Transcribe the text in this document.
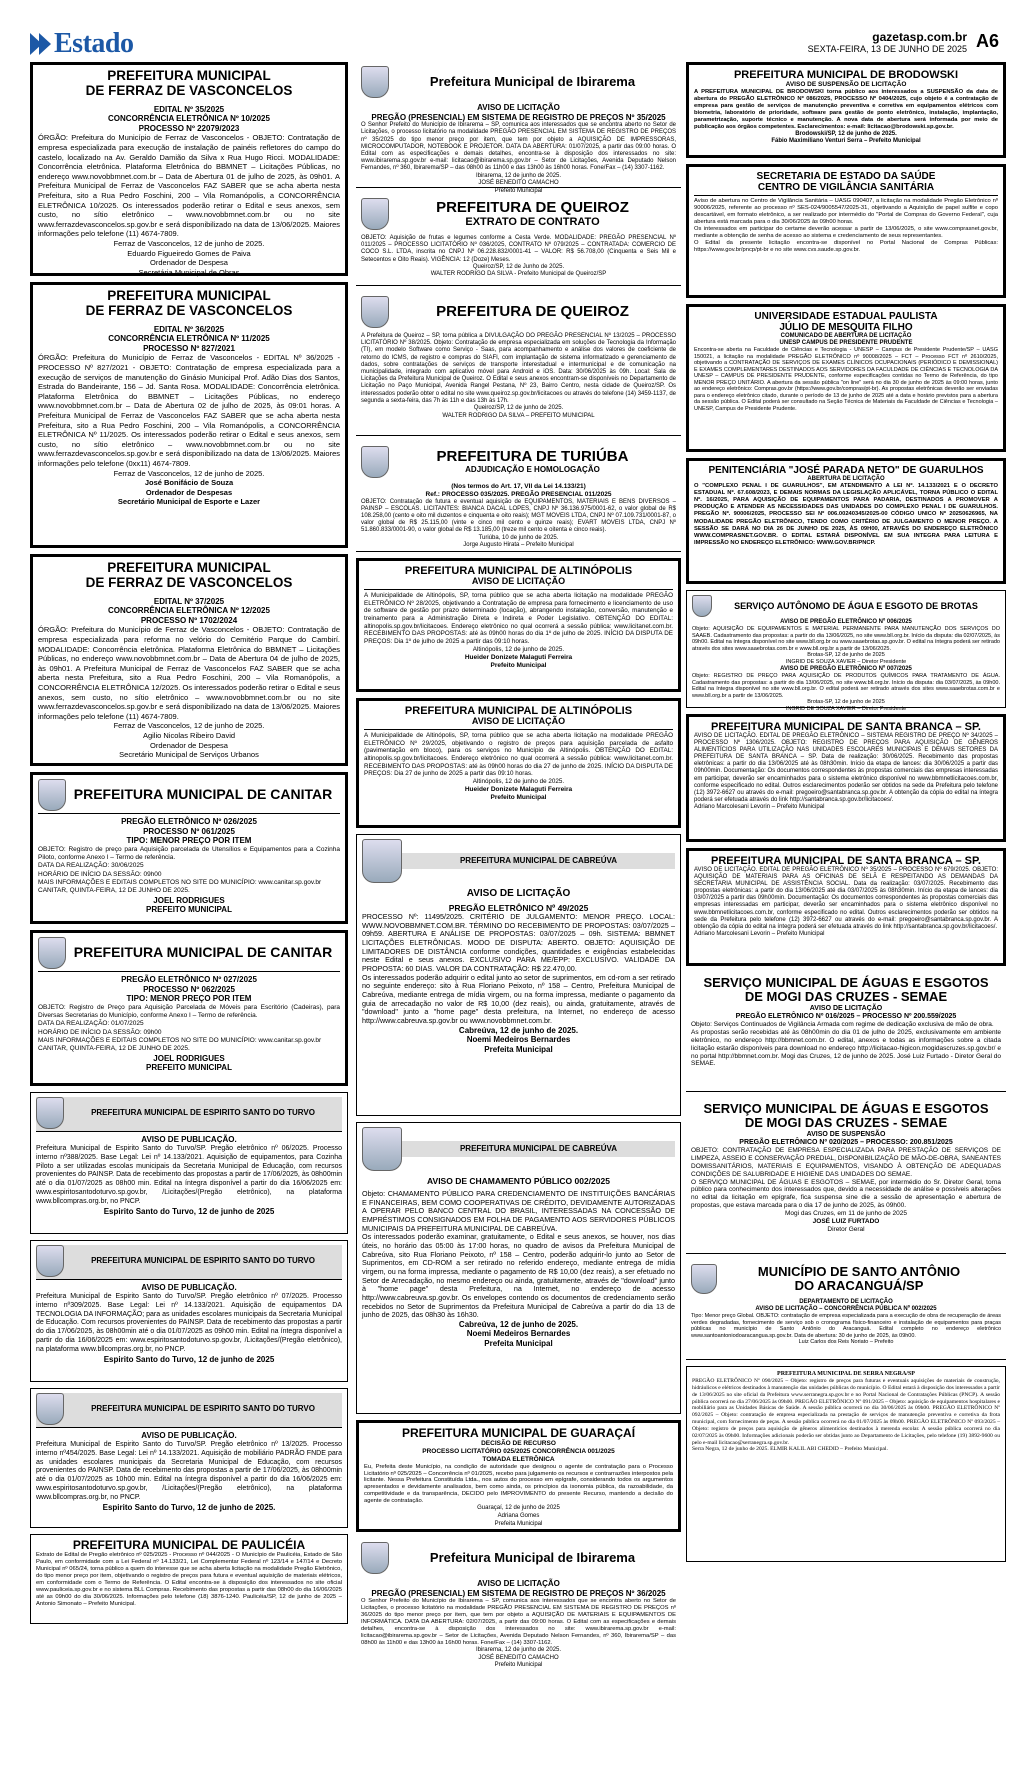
Estado	gazetasp.com.br
SEXTA-FEIRA, 13 DE JUNHO DE 2025 A6
PREFEITURA MUNICIPAL
DE FERRAZ DE VASCONCELOS
EDITAL Nº 35/2025
CONCORRÊNCIA ELETRÔNICA Nº 10/2025
PROCESSO Nº 22079/2023
ÓRGÃO: Prefeitura do Município de Ferraz de Vasconcelos - OBJETO: Contratação de empresa especializada para execução de instalação de painéis refletores do campo do castelo, localizado na Av. Geraldo Damião da Silva x Rua Hugo Ricci. MODALIDADE: Concorrência eletrônica. Plataforma Eletrônica do BBMNET – Licitações Públicas, no endereço www.novobbmnet.com.br – Data de Abertura 01 de julho de 2025, às 09h01. A Prefeitura Municipal de Ferraz de Vasconcelos FAZ SABER que se acha aberta nesta Prefeitura, sito a Rua Pedro Foschini, 200 – Vila Romanópolis, a CONCORRÊNCIA ELETRÔNICA 10/2025. Os interessados poderão retirar o Edital e seus anexos, sem custo, no sítio eletrônico – www.novobbmnet.com.br ou no site www.ferrazdevasconcelos.sp.gov.br e será disponibilizado na data de 13/06/2025. Maiores informações pelo telefone (11) 4674-7809.
Ferraz de Vasconcelos, 12 de junho de 2025.
Eduardo Figueiredo Gomes de Paiva
Ordenador de Despesa
Secretária Municipal de Obras
PREFEITURA MUNICIPAL
DE FERRAZ DE VASCONCELOS
EDITAL Nº 36/2025
CONCORRÊNCIA ELETRÔNICA Nº 11/2025
PROCESSO Nº 827/2021
ÓRGÃO: Prefeitura do Município de Ferraz de Vasconcelos - EDITAL Nº 36/2025 - PROCESSO Nº 827/2021 - OBJETO: Contratação de empresa especializada para a execução de serviços de manutenção do Ginásio Municipal Prof. Adão Dias dos Santos, Estrada do Bandeirante, 156 – Jd. Santa Rosa. MODALIDADE: Concorrência eletrônica. Plataforma Eletrônica do BBMNET – Licitações Públicas, no endereço www.novobbmnet.com.br – Data de Abertura 02 de julho de 2025, às 09:01 horas. A Prefeitura Municipal de Ferraz de Vasconcelos FAZ SABER que se acha aberta nesta Prefeitura, sito a Rua Pedro Foschini, 200 – Vila Romanópolis, a CONCORRÊNCIA ELETRÔNICA Nº 11/2025. Os interessados poderão retirar o Edital e seus anexos, sem custo, no sítio eletrônico – www.novobbmnet.com.br ou no site www.ferrazdevasconcelos.sp.gov.br e será disponibilizado na data de 13/06/2025. Maiores informações pelo telefone (0xx11) 4674-7809.
Ferraz de Vasconcelos, 12 de junho de 2025.
José Bonifácio de Souza
Ordenador de Despesas
Secretário Municipal de Esporte e Lazer
PREFEITURA MUNICIPAL
DE FERRAZ DE VASCONCELOS
EDITAL Nº 37/2025
CONCORRÊNCIA ELETRÔNICA Nº 12/2025
PROCESSO Nº 1702/2024
ÓRGÃO: Prefeitura do Município de Ferraz de Vasconcelos - OBJETO: Contratação de empresa especializada para reforma no velório do Cemitério Parque do Cambirí. MODALIDADE: Concorrência eletrônica. Plataforma Eletrônica do BBMNET – Licitações Públicas, no endereço www.novobbmnet.com.br – Data de Abertura 04 de julho de 2025, às 09h01. A Prefeitura Municipal de Ferraz de Vasconcelos FAZ SABER que se acha aberta nesta Prefeitura, sito a Rua Pedro Foschini, 200 – Vila Romanópolis, a CONCORRÊNCIA ELETRÔNICA 12/2025. Os interessados poderão retirar o Edital e seus anexos, sem custo, no sítio eletrônico – www.novobbmnet.com.br ou no site www.ferrazdevasconcelos.sp.gov.br e será disponibilizado na data de 13/06/2025. Maiores informações pelo telefone (11) 4674-7809.
Ferraz de Vasconcelos, 12 de junho de 2025.
Agilio Nicolas Ribeiro David
Ordenador de Despesa
Secretário Municipal de Serviços Urbanos
PREFEITURA MUNICIPAL DE CANITAR
PREGÃO ELETRÔNICO Nº 026/2025
PROCESSO Nº 061/2025
TIPO: MENOR PREÇO POR ITEM
OBJETO: Registro de preço para Aquisição parcelada de Utensílios e Equipamentos para a Cozinha Piloto, conforme Anexo I – Termo de referência.
DATA DA REALIZAÇÃO: 30/06/2025
HORÁRIO DE INÍCIO DA SESSÃO: 09h00
MAIS INFORMAÇÕES E EDITAIS COMPLETOS NO SITE DO MUNICÍPIO: www.canitar.sp.gov.br
CANITAR, QUINTA-FEIRA, 12 DE JUNHO DE 2025.
JOEL RODRIGUES
PREFEITO MUNICIPAL
PREFEITURA MUNICIPAL DE CANITAR
PREGÃO ELETRÔNICO Nº 027/2025
PROCESSO Nº 062/2025
TIPO: MENOR PREÇO POR ITEM
OBJETO: Registro de Preço para Aquisição Parcelada de Móveis para Escritório (Cadeiras), para Diversas Secretarias do Município, conforme Anexo I – Termo de referência.
DATA DA REALIZAÇÃO: 01/07/2025
HORÁRIO DE INÍCIO DA SESSÃO: 09h00
MAIS INFORMAÇÕES E EDITAIS COMPLETOS NO SITE DO MUNICÍPIO: www.canitar.sp.gov.br
CANITAR, QUINTA-FEIRA, 12 DE JUNHO DE 2025.
JOEL RODRIGUES
PREFEITO MUNICIPAL
PREFEITURA MUNICIPAL DE ESPIRITO SANTO DO TURVO
AVISO DE PUBLICAÇÃO.
Prefeitura Municipal de Espirito Santo do Turvo/SP. Pregão eletrônico nº 06/2025. Processo interno nº388/2025. Base Legal: Lei nº 14.133/2021. Aquisição de equipamentos, para Cozinha Piloto a ser utilizadas escolas municipais da Secretaria Municipal de Educação, com recursos provenientes do PAINSP. Data de recebimento das propostas a partir de 17/06/2025, às 08h00min até o dia 01/07/2025 as 08h00 min. Edital na íntegra disponível a partir do dia 16/06/2025 em: www.espiritosantodoturvo.sp.gov.br, /Licitações/(Pregão eletrônico), na plataforma www.bllcompras.org.br, no PNCP.
Espirito Santo do Turvo, 12 de junho de 2025
PREFEITURA MUNICIPAL DE ESPIRITO SANTO DO TURVO
AVISO DE PUBLICAÇÃO.
Prefeitura Municipal de Espirito Santo do Turvo/SP. Pregão eletrônico nº 07/2025. Processo interno nº309/2025. Base Legal: Lei nº 14.133/2021. Aquisição de equipamentos DA TECNOLOGIA DA INFORMAÇÃO; para as unidades escolares municipais da Secretaria Municipal de Educação. Com recursos provenientes do PAINSP. Data de recebimento das propostas a partir do dia 17/06/2025, às 08h00min até o dia 01/07/2025 as 09h00 min. Edital na íntegra disponível a partir do dia 16/06/2025 em: www.espiritosantodoturvo.sp.gov.br, /Licitações/(Pregão eletrônico), na plataforma www.bllcompras.org.br, no PNCP.
Espirito Santo do Turvo, 12 de junho de 2025
PREFEITURA MUNICIPAL DE ESPIRITO SANTO DO TURVO
AVISO DE PUBLICAÇÃO.
Prefeitura Municipal de Espirito Santo do Turvo/SP. Pregão eletrônico nº 13/2025. Processo interno nº454/2025. Base Legal: Lei nº 14.133/2021. Aquisição de mobiliário PADRÃO FNDE para as unidades escolares municipais da Secretaria Municipal de Educação, com recursos provenientes do PAINSP. Data de recebimento das propostas a partir de 17/06/2025, às 08h00min até o dia 01/07/2025 as 10h00 min. Edital na íntegra disponível a partir do dia 16/06/2025 em: www.espiritosantodoturvo.sp.gov.br, /Licitações/(Pregão eletrônico), na plataforma www.bllcompras.org.br, no PNCP.
Espirito Santo do Turvo, 12 de junho de 2025.
PREFEITURA MUNICIPAL DE PAULICÉIA
Extrato de Edital de Pregão eletrônico nº 025/2025 - Processo nº 044/2025 - O Município de Paulicéia, Estado de São Paulo, em conformidade com a Lei Federal nº 14.133/21, Lei Complementar Federal nº 123/14 e 147/14 e Decreto Municipal nº 065/24, torna público a quem do interesse que se acha aberta licitação na modalidade Pregão Eletrônico, do tipo menor preço por item, objetivando o registro de preços para futura e eventual aquisição de materiais elétricos, em conformidade com o Termo de Referência. O Edital encontra-se à disposição dos interessados no site oficial www.pauliceia.sp.gov.br e no sistema BLL Compras. Recebimento das propostas a partir das 08h00 do dia 16/06/2025 até as 09h00 do dia 30/06/2025. Informações pelo telefone (18) 3876-1240. Paulicéia/SP, 12 de junho de 2025 – Antonio Simonato – Prefeito Municipal.
Prefeitura Municipal de Ibirarema
AVISO DE LICITAÇÃO
PREGÃO (PRESENCIAL) EM SISTEMA DE REGISTRO DE PREÇOS Nº 35/2025
O Senhor Prefeito do Município de Ibirarema – SP, comunica aos interessados que se encontra aberto no Setor de Licitações, o processo licitatório na modalidade PREGÃO PRESENCIAL EM SISTEMA DE REGISTRO DE PREÇOS nº 35/2025 do tipo menor preço por item, que tem por objeto a AQUISIÇÃO DE IMPRESSORAS, MICROCOMPUTADOR, NOTEBOOK E PROJETOR. DATA DA ABERTURA: 01/07/2025, a partir das 09:00 horas. O Edital com as especificações e demais detalhes, encontra-se à disposição dos interessados no site: www.ibirarema.sp.gov.br e-mail: licitacao@ibirarema.sp.gov.br – Setor de Licitações, Avenida Deputado Nelson Fernandes, nº 360, Ibirarema/SP – das 08h00 às 11h00 e das 13h00 às 16h00 horas. Fone/Fax – (14) 3307-1162.
Ibirarema, 12 de junho de 2025.
JOSÉ BENEDITO CAMACHO
Prefeito Municipal
PREFEITURA DE QUEIROZ
EXTRATO DE CONTRATO
OBJETO: Aquisição de frutas e legumes conforme a Cesta Verde. MODALIDADE: PREGÃO PRESENCIAL Nº 011/2025 – PROCESSO LICITATÓRIO Nº 036/2025, CONTRATO Nº 079/2025 – CONTRATADA: COMERCIO DE COCO S.L. LTDA, inscrita no CNPJ Nº 06.228.832/0001-41 – VALOR: R$ 56.708,00 (Cinquenta e Seis Mil e Setecentos e Oito Reais). VIGÊNCIA: 12 (Doze) Meses.
Queiroz/SP, 12 de Junho de 2025.
WALTER RODRIGO DA SILVA - Prefeito Municipal de Queiroz/SP
PREFEITURA DE QUEIROZ
A Prefeitura de Queiroz – SP, torna pública a DIVULGAÇÃO DO PREGÃO PRESENCIAL Nº 13/2025 – PROCESSO LICITATÓRIO Nº 38/2025. Objeto: Contratação de empresa especializada em soluções de Tecnologia da Informação (TI), em modelo Software como Serviço - Saas, para acompanhamento e análise dos valores de coeficiente de retorno do ICMS, de registro e compras do SIAFI, com implantação de sistema informatizado e gerenciamento de dados, sobre contratações de serviços de transporte interestadual e intermunicipal e de comunicação na municipalidade, integrado com aplicativo móvel para Android e iOS. Data: 30/06/2025 às 09h. Local: Sala de Licitações da Prefeitura Municipal de Queiroz. O Edital e seus anexos encontram-se disponíveis no Departamento de Licitação no Paço Municipal, Avenida Rangel Pestana, Nº 23, Bairro Centro, nesta cidade de Queiroz/SP. Os interessados poderão obter o edital no site www.queiroz.sp.gov.br/licitacoes ou através do telefone (14) 3459-1137, de segunda a sexta-feira, das 7h às 11h e das 13h às 17h.
Queiroz/SP, 12 de junho de 2025.
WALTER RODRIGO DA SILVA – PREFEITO MUNICIPAL
PREFEITURA DE TURIÚBA
ADJUDICAÇÃO E HOMOLOGAÇÃO
(Nos termos do Art. 17, VII da Lei 14.133/21)
Ref.: PROCESSO 035/2025. PREGÃO PRESENCIAL 011/2025
OBJETO: Contratação de futura e eventual aquisição de EQUIPAMENTOS, MATERIAIS E BENS DIVERSOS – PAINSP – ESCOLAS. LICITANTES: BIANCA DACAL LOPES, CNPJ Nº 36.136.975/0001-62, o valor global de R$ 108.258,00 (cento e oito mil duzentos e cinquenta e oito reais); MGT MOVEIS LTDA, CNPJ Nº 07.109.731/0001-87, o valor global de R$ 25.115,00 (vinte e cinco mil cento e quinze reais); EVART MOVEIS LTDA, CNPJ Nº 51.860.833/0001-90, o valor global de R$ 13.185,00 (treze mil cento e oitenta e cinco reais).
Turiúba, 10 de junho de 2025.
Jorge Augusto Hirata – Prefeito Municipal
PREFEITURA MUNICIPAL DE ALTINÓPOLIS
AVISO DE LICITAÇÃO
A Municipalidade de Altinópolis, SP, torna público que se acha aberta licitação na modalidade PREGÃO ELETRÔNICO Nº 28/2025, objetivando a Contratação de empresa para fornecimento e licenciamento de uso de software de gestão por prazo determinado (locação), abrangendo instalação, conversão, manutenção e treinamento para a Administração Direta e Indireta e Poder Legislativo. OBTENÇÃO DO EDITAL: altinopolis.sp.gov.br/licitacoes. Endereço eletrônico no qual ocorrerá a sessão pública: www.licitanet.com.br. RECEBIMENTO DAS PROPOSTAS: até às 09h00 horas do dia 1º de julho de 2025. INÍCIO DA DISPUTA DE PREÇOS: Dia 1º de julho de 2025 a partir das 09:10 horas.
Altinópolis, 12 de junho de 2025.
Hueider Donizete Malaguti Ferreira
Prefeito Municipal
PREFEITURA MUNICIPAL DE ALTINÓPOLIS
AVISO DE LICITAÇÃO
A Municipalidade de Altinópolis, SP, torna público que se acha aberta licitação na modalidade PREGÃO ELETRÔNICO Nº 29/2025, objetivando o registro de preços para aquisição parcelada de asfalto (pavimentação em bloco), para os serviços no Município de Altinópolis. OBTENÇÃO DO EDITAL: altinopolis.sp.gov.br/licitacoes. Endereço eletrônico no qual ocorrerá a sessão pública: www.licitanet.com.br. RECEBIMENTO DAS PROPOSTAS: até às 09h00 horas do dia 27 de junho de 2025. INÍCIO DA DISPUTA DE PREÇOS: Dia 27 de junho de 2025 a partir das 09:10 horas.
Altinópolis, 12 de junho de 2025.
Hueider Donizete Malaguti Ferreira
Prefeito Municipal
PREFEITURA MUNICIPAL DE CABREÚVA
AVISO DE LICITAÇÃO
PREGÃO ELETRÔNICO Nº 49/2025
PROCESSO Nº: 11495/2025. CRITÉRIO DE JULGAMENTO: MENOR PREÇO. LOCAL: WWW.NOVOBBMNET.COM.BR. TÉRMINO DO RECEBIMENTO DE PROPOSTAS: 03/07/2025 – 09h59. ABERTURA E ANÁLISE DE PROPOSTAS: 03/07/2025 – 09h. SISTEMA: BBMNET LICITAÇÕES ELETRÔNICAS. MODO DE DISPUTA: ABERTO. OBJETO: AQUISIÇÃO DE LIMITADORES DE DISTÂNCIA conforme condições, quantidades e exigências estabelecidas neste Edital e seus anexos. EXCLUSIVO PARA ME/EPP: EXCLUSIVO. VALIDADE DA PROPOSTA: 60 DIAS. VALOR DA CONTRATAÇÃO: R$ 22.470,00.
Os interessados poderão adquirir o edital junto ao setor de suprimentos, em cd-rom a ser retirado no seguinte endereço: sito à Rua Floriano Peixoto, nº 158 – Centro, Prefeitura Municipal de Cabreúva, mediante entrega de mídia virgem, ou na forma impressa, mediante o pagamento da guia de arrecadação no valor de R$ 10,00 (dez reais), ou ainda, gratuitamente, através de "download" junto a "home page" desta prefeitura, na Internet, no endereço de acesso http://www.cabreuva.sp.gov.br ou www.novobbmnet.com.br.
Cabreúva, 12 de junho de 2025.
Noemi Medeiros Bernardes
Prefeita Municipal
PREFEITURA MUNICIPAL DE CABREÚVA
AVISO DE CHAMAMENTO PÚBLICO 002/2025
Objeto: CHAMAMENTO PÚBLICO PARA CREDENCIAMENTO DE INSTITUIÇÕES BANCÁRIAS E FINANCEIRAS, BEM COMO COOPERATIVAS DE CRÉDITO, DEVIDAMENTE AUTORIZADAS A OPERAR PELO BANCO CENTRAL DO BRASIL, INTERESSADAS NA CONCESSÃO DE EMPRÉSTIMOS CONSIGNADOS EM FOLHA DE PAGAMENTO AOS SERVIDORES PÚBLICOS MUNICIPAIS DA PREFEITURA MUNICIPAL DE CABREÚVA.
Os interessados poderão examinar, gratuitamente, o Edital e seus anexos, se houver, nos dias úteis, no horário das 05:00 às 17:00 horas, no quadro de avisos da Prefeitura Municipal de Cabreúva, sito Rua Floriano Peixoto, nº 158 – Centro, poderão adquirir-lo junto ao Setor de Suprimentos, em CD-ROM a ser retirado no referido endereço, mediante entrega de mídia virgem, ou na forma impressa, mediante o pagamento de R$ 10,00 (dez reais), a ser efetuado no Setor de Arrecadação, no mesmo endereço ou ainda, gratuitamente, através de "download" junto à "home page" desta Prefeitura, na Internet, no endereço de acesso http://www.cabreuva.sp.gov.br. Os envelopes contendo os documentos de credenciamento serão recebidos no Setor de Suprimentos da Prefeitura Municipal de Cabreúva a partir do dia 13 de junho de 2025, das 08h30 às 16h30.
Cabreúva, 12 de junho de 2025.
Noemi Medeiros Bernardes
Prefeita Municipal
PREFEITURA MUNICIPAL DE GUARAÇAÍ
DECISÃO DE RECURSO
PROCESSO LICITATÓRIO 025/2025 CONCORRÊNCIA 001/2025
TOMADA ELETRÔNICA
Eu, Prefeita deste Município, na condição de autoridade que designou o agente de contratação para o Processo Licitatório nº 025/2025 – Concorrência nº 01/2025, recebo para julgamento os recursos e contrarrazões interpostos pela licitante. Nessa Prefeitura Constituída Ltda., nos autos do processo em epígrafe, considerando todos os argumentos apresentados e devidamente analisados, bem como ainda, os princípios da isonomia pública, da razoabilidade, da competitividade e da transparência, DECIDO pelo IMPROVIMENTO do presente Recurso, mantendo a decisão do agente de contratação.
Guaraçaí, 12 de junho de 2025
Adriana Gomes
Prefeita Municipal
Prefeitura Municipal de Ibirarema
AVISO DE LICITAÇÃO
PREGÃO (PRESENCIAL) EM SISTEMA DE REGISTRO DE PREÇOS Nº 36/2025
O Senhor Prefeito do Município de Ibirarema – SP, comunica aos interessados que se encontra aberto no Setor de Licitações, o processo licitatório na modalidade PREGÃO PRESENCIAL EM SISTEMA DE REGISTRO DE PREÇOS nº 36/2025 do tipo menor preço por item, que tem por objeto a AQUISIÇÃO DE MATERIAIS E EQUIPAMENTOS DE INFORMÁTICA. DATA DA ABERTURA: 02/07/2025, a partir das 09:00 horas. O Edital com as especificações e demais detalhes, encontra-se à disposição dos interessados no site: www.ibirarema.sp.gov.br e-mail: licitacao@ibirarema.sp.gov.br – Setor de Licitações, Avenida Deputado Nelson Fernandes, nº 360, Ibirarema/SP – das 08h00 às 11h00 e das 13h00 às 16h00 horas. Fone/Fax – (14) 3307-1162.
Ibirarema, 12 de junho de 2025.
JOSÉ BENEDITO CAMACHO
Prefeito Municipal
PREFEITURA MUNICIPAL DE BRODOWSKI
AVISO DE SUSPENSÃO DE LICITAÇÃO
A PREFEITURA MUNICIPAL DE BRODOWSKI torna público aos interessados a SUSPENSÃO da data de abertura do PREGÃO ELETRÔNICO Nº 086/2025, PROCESSO Nº 0404/2025, cujo objeto é a contratação de empresa para gestão de serviços de manutenção preventiva e corretiva em equipamentos elétricos com biometria, laboratório de prioridade, software para gestão de ponto eletrônico, instalação, implantação, parametrização, suporte técnico e manutenção. A nova data de abertura será informada por meio de publicação aos órgãos competentes. Esclarecimentos: e-mail: licitacao@brodowski.sp.gov.br.
Brodowski/SP, 12 de junho de 2025.
Fábio Maximiliano Venturi Serra – Prefeito Municipal
SECRETARIA DE ESTADO DA SAÚDE
CENTRO DE VIGILÂNCIA SANITÁRIA
Aviso de abertura no Centro de Vigilância Sanitária – UASG 090407, a licitação na modalidade Pregão Eletrônico nº 90006/2025, referente ao processo nº SES-024/9005547/2025-31, objetivando a Aquisição de papel sulfite e copo descartável, em formato eletrônico, a ser realizado por intermédio do "Portal de Compras do Governo Federal", cuja abertura está marcada para o dia 30/06/2025 às 09h00 horas.
Os interessados em participar do certame deverão acessar a partir de 13/06/2025, o site www.comprasnet.gov.br, mediante a obtenção de senha de acesso ao sistema e credenciamento de seus representantes.
O Edital da presente licitação encontra-se disponível no Portal Nacional de Compras Públicas: https://www.gov.br/pncp/pt-br e no site www.cvs.saude.sp.gov.br.
UNIVERSIDADE ESTADUAL PAULISTA
JÚLIO DE MESQUITA FILHO
COMUNICADO DE ABERTURA DE LICITAÇÃO
UNESP CAMPUS DE PRESIDENTE PRUDENTE
Encontra-se aberta na Faculdade de Ciências e Tecnologia - UNESP – Campus de Presidente Prudente/SP – UASG 150021, a licitação na modalidade PREGÃO ELETRÔNICO nº 90008/2025 – FCT – Processo FCT nº 2610/2025, objetivando a CONTRATAÇÃO DE SERVIÇOS DE EXAMES CLÍNICOS OCUPACIONAIS (PERIÓDICO E DEMISSIONAL) E EXAMES COMPLEMENTARES DESTINADOS AOS SERVIDORES DA FACULDADE DE CIÊNCIAS E TECNOLOGIA DA UNESP – CAMPUS DE PRESIDENTE PRUDENTE, conforme especificações contidas no Termo de Referência, do tipo MENOR PREÇO UNITÁRIO. A abertura da sessão pública "on line" será no dia 30 de junho de 2025 às 09:00 horas, junto ao endereço eletrônico: Compras.gov.br (https://www.gov.br/compras/pt-br). As propostas eletrônicas deverão ser enviadas para o endereço eletrônico citado, durante o período de 13 de junho de 2025 até a data e horário previstos para a abertura da sessão pública. O Edital poderá ser consultado na Seção Técnica de Materiais da Faculdade de Ciências e Tecnologia – UNESP, Campus de Presidente Prudente.
PENITENCIÁRIA "JOSÉ PARADA NETO" DE GUARULHOS
ABERTURA DE LICITAÇÃO
O "COMPLEXO PENAL I DE GUARULHOS", EM ATENDIMENTO A LEI Nº. 14.133/2021 E O DECRETO ESTADUAL Nº. 67.608/2023, E DEMAIS NORMAS DA LEGISLAÇÃO APLICÁVEL, TORNA PÚBLICO O EDITAL Nº. 16/2025, PARA AQUISIÇÃO DE EQUIPAMENTOS PARA PADARIA, DESTINADOS A PROMOVER A PRODUÇÃO E ATENDER AS NECESSIDADES DAS UNIDADES DO COMPLEXO PENAL I DE GUARULHOS. PREGÃO Nº. 90006/2025, PROCESSO SEI Nº 006.00240345/2025-00 CÓDIGO UNICO Nº 20250626965, NA MODALIDADE PREGÃO ELETRÔNICO, TENDO COMO CRITÉRIO DE JULGAMENTO O MENOR PREÇO. A SESSÃO SE DARÁ NO DIA 26 DE JUNHO DE 2025, ÀS 09H00, ATRAVÉS DO ENDEREÇO ELETRÔNICO WWW.COMPRASNET.GOV.BR. O EDITAL ESTARÁ DISPONÍVEL EM SUA INTEGRA PARA LEITURA E IMPRESSÃO NO ENDEREÇO ELETRÔNICO: WWW.GOV.BR/PNCP.
SERVIÇO AUTÔNOMO DE ÁGUA E ESGOTO DE BROTAS
AVISO DE PREGÃO ELETRÔNICO Nº 006/2025
Objeto: AQUISIÇÃO DE EQUIPAMENTOS E MATERIAL PERMANENTE PARA MANUTENÇÃO DOS SERVIÇOS DO SAAEB. Cadastramento das propostas: a partir do dia 13/06/2025, no site www.bll.org.br. Início da disputa: dia 02/07/2025, às 09h00. Edital na íntegra disponível no site www.bll.org.br ou www.saaebrotas.sp.gov.br. O edital na íntegra poderá ser retirado através dos sites www.saaebrotas.com.br e www.bll.org.br a partir de 13/06/2025.
Brotas-SP, 12 de junho de 2025
INGRID DE SOUZA XAVIER – Diretor Presidente
AVISO DE PREGÃO ELETRÔNICO Nº 007/2025
Objeto: REGISTRO DE PREÇO PARA AQUISIÇÃO DE PRODUTOS QUÍMICOS PARA TRATAMENTO DE ÁGUA. Cadastramento das propostas: a partir do dia 13/06/2025, no site www.bll.org.br. Início da disputa: dia 03/07/2025, às 09h00. Edital na íntegra disponível no site www.bll.org.br. O edital poderá ser retirado através dos sites www.saaebrotas.com.br e www.bll.org.br a partir de 13/06/2025.
Brotas-SP, 12 de junho de 2025
INGRID DE SOUZA XAVIER – Diretor Presidente
PREFEITURA MUNICIPAL DE SANTA BRANCA – SP.
AVISO DE LICITAÇÃO. EDITAL DE PREGÃO ELETRÔNICO – SISTEMA REGISTRO DE PREÇO Nº 34/2025 – PROCESSO Nº 1306/2025. OBJETO: REGISTRO DE PREÇOS PARA AQUISIÇÃO DE GÊNEROS ALIMENTÍCIOS PARA UTILIZAÇÃO NAS UNIDADES ESCOLARES MUNICIPAIS E DEMAIS SETORES DA PREFEITURA DE SANTA BRANCA – SP. Data de realização: 30/06/2025. Recebimento das propostas eletrônicas: a partir do dia 13/06/2025 até às 08h30min. Início da etapa de lances: dia 30/06/2025 a partir das 09h00min. Documentação: Os documentos correspondentes às propostas comerciais das empresas interessadas em participar, deverão ser encaminhados para o sistema eletrônico disponível no www.bbmnetlicitacoes.com.br, conforme especificado no edital. Outros esclarecimentos poderão ser obtidos na sede da Prefeitura pelo telefone (12) 3972-6627 ou através do e-mail: pregoeiro@santabranca.sp.gov.br. A obtenção da cópia do edital na íntegra poderá ser efetuada através do link http://santabranca.sp.gov.br/licitacoes/.
Adriano Marcolesani Levorin – Prefeito Municipal
PREFEITURA MUNICIPAL DE SANTA BRANCA – SP.
AVISO DE LICITAÇÃO. EDITAL DE PREGÃO ELETRÔNICO Nº 35/2025 – PROCESSO Nº 679/2025. OBJETO: AQUISIÇÃO DE MATERIAIS PARA AS OFICINAS DE SELÃ E RESPEITANDO AS DEMANDAS DA SECRETARIA MUNICIPAL DE ASSISTÊNCIA SOCIAL. Data da realização: 03/07/2025. Recebimento das propostas eletrônicas: a partir do dia 13/06/2025 até dia 03/07/2025 às 08h30min. Início da etapa de lances: dia 03/07/2025 a partir das 09h00min. Documentação: Os documentos correspondentes às propostas comerciais das empresas interessadas em participar, deverão ser encaminhados para o sistema eletrônico disponível no www.bbmnetlicitacoes.com.br, conforme especificado no edital. Outros esclarecimentos poderão ser obtidos na sede da Prefeitura pelo telefone (12) 3972-6627 ou através do e-mail: pregoeiro@santabranca.sp.gov.br. A obtenção da cópia do edital na íntegra poderá ser efetuada através do link http://santabranca.sp.gov.br/licitacoes/.
Adriano Marcolesani Levorin – Prefeito Municipal
SERVIÇO MUNICIPAL DE ÁGUAS E ESGOTOS
DE MOGI DAS CRUZES - SEMAE
AVISO DE LICITAÇÃO
PREGÃO ELETRÔNICO Nº 016/2025 – PROCESSO Nº 200.559/2025
Objeto: Serviços Continuados de Vigilância Armada com regime de dedicação exclusiva de mão de obra.
As propostas serão recebidas até às 08h00min do dia 01 de julho de 2025, exclusivamente em ambiente eletrônico, no endereço http://bbmnet.com.br. O edital, anexos e todas as informações sobre a citada licitação estarão disponíveis para download no endereço http://licitacao-higicon.mogidascruzes.sp.gov.br/ e no portal http://bbmnet.com.br. Mogi das Cruzes, 12 de junho de 2025. José Luiz Furtado - Diretor Geral do SEMAE.
SERVIÇO MUNICIPAL DE ÁGUAS E ESGOTOS
DE MOGI DAS CRUZES - SEMAE
AVISO DE SUSPENSÃO
PREGÃO ELETRÔNICO Nº 020/2025 – PROCESSO: 200.851/2025
OBJETO: CONTRATAÇÃO DE EMPRESA ESPECIALIZADA PARA PRESTAÇÃO DE SERVIÇOS DE LIMPEZA, ASSEIO E CONSERVAÇÃO PREDIAL, DISPONIBILIZAÇÃO DE MÃO-DE-OBRA, SANEANTES DOMISSANITÁRIOS, MATERIAIS E EQUIPAMENTOS, VISANDO À OBTENÇÃO DE ADEQUADAS CONDIÇÕES DE SALUBRIDADE E HIGIENE DAS UNIDADES DO SEMAE.
O SERVIÇO MUNICIPAL DE ÁGUAS E ESGOTOS – SEMAE, por intermédio do Sr. Diretor Geral, torna público para conhecimento dos interessados que, devido a necessidade de análise e possíveis alterações no edital da licitação em epígrafe, fica suspensa sine die a sessão de apresentação e abertura de propostas, que estava marcada para o dia 17 de junho de 2025, às 09h00.
Mogi das Cruzes, em 11 de junho de 2025
JOSÉ LUIZ FURTADO
Diretor Geral
MUNICÍPIO DE SANTO ANTÔNIO
DO ARACANGUÁ/SP
DEPARTAMENTO DE LICITAÇÃO
AVISO DE LICITAÇÃO – CONCORRÊNCIA PÚBLICA Nº 002/2025
Tipo: Menor preço Global. OBJETO: contratação de empresa especializada para a execução de obra de recuperação de áreas verdes degradadas, fornecimento de serviço sob o cronograma físico-financeiro e instalação de equipamentos para praças públicas no município de Santo Antônio do Aracanguá. Edital completo no endereço eletrônico www.santoantoniodoaracangua.sp.gov.br. Data de abertura: 30 de junho de 2025, às 09h00.
Luiz Carlos dos Reis Noriato – Prefeito
PREFEITURA MUNICIPAL DE SERRA NEGRA/SP
PREGÃO ELETRÔNICO Nº 090/2025 – Objeto: registro de preços para futuras e eventuais aquisições de materiais de construção, hidráulicos e elétricos destinados à manutenção das unidades públicas do município. O Edital estará à disposição dos interessados a partir de 13/06/2025 no site oficial da Prefeitura www.serranegra.sp.gov.br e no Portal Nacional de Contratações Públicas (PNCP). A sessão pública ocorrerá no dia 27/06/2025 às 09h00. PREGÃO ELETRÔNICO Nº 091/2025 – Objeto: aquisição de equipamentos hospitalares e mobiliário para as Unidades Básicas de Saúde. A sessão pública ocorrerá no dia 30/06/2025 às 09h00. PREGÃO ELETRÔNICO Nº 092/2025 – Objeto: contratação de empresa especializada na prestação de serviços de manutenção preventiva e corretiva da frota municipal, com fornecimento de peças. A sessão pública ocorrerá no dia 01/07/2025 às 09h00. PREGÃO ELETRÔNICO Nº 093/2025 – Objeto: registro de preços para aquisição de gêneros alimentícios destinados à merenda escolar. A sessão pública ocorrerá no dia 02/07/2025 às 09h00. Informações adicionais poderão ser obtidas junto ao Departamento de Licitações, pelo telefone (19) 3892-9600 ou pelo e-mail licitacao@serranegra.sp.gov.br.
Serra Negra, 12 de junho de 2025. ELMIR KALIL ABI CHEDID – Prefeito Municipal.
